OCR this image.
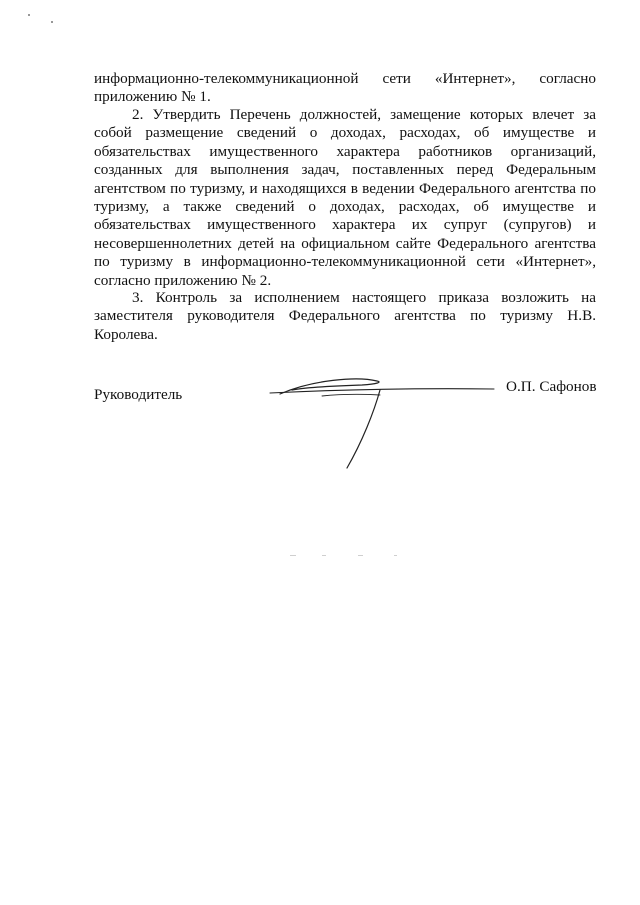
информационно-телекоммуникационной сети «Интернет», согласно приложению № 1.

2. Утвердить Перечень должностей, замещение которых влечет за собой размещение сведений о доходах, расходах, об имуществе и обязательствах имущественного характера работников организаций, созданных для выполнения задач, поставленных перед Федеральным агентством по туризму, и находящихся в ведении Федерального агентства по туризму, а также сведений о доходах, расходах, об имуществе и обязательствах имущественного характера их супруг (супругов) и несовершеннолетних детей на официальном сайте Федерального агентства по туризму в информационно-телекоммуникационной сети «Интернет», согласно приложению № 2.

3. Контроль за исполнением настоящего приказа возложить на заместителя руководителя Федерального агентства по туризму Н.В. Королева.

Руководитель	О.П. Сафонов
